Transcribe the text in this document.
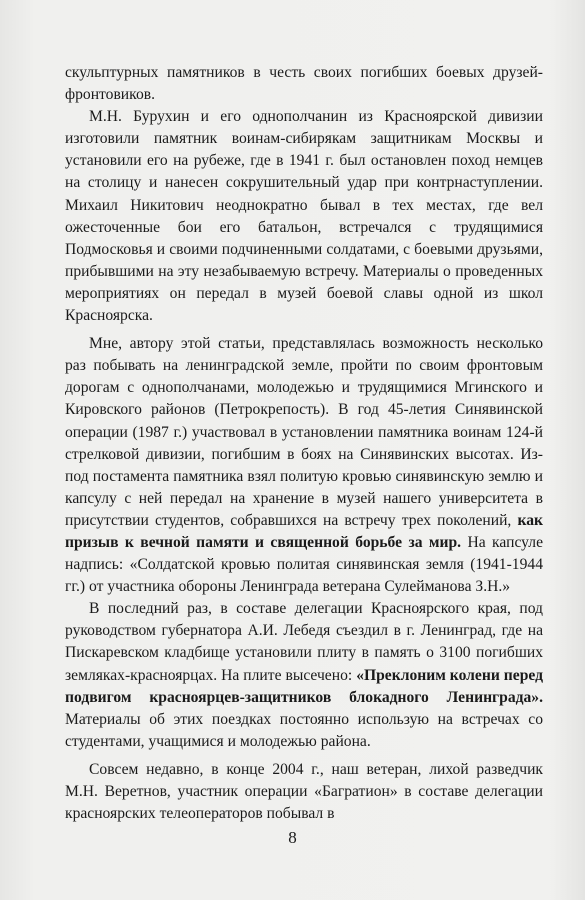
скульптурных памятников в честь своих погибших боевых друзей-фронтовиков.

М.Н. Бурухин и его однополчанин из Красноярской дивизии изготовили памятник воинам-сибирякам защитникам Москвы и установили его на рубеже, где в 1941 г. был остановлен поход немцев на столицу и нанесен сокрушительный удар при контрнаступлении. Михаил Никитович неоднократно бывал в тех местах, где вел ожесточенные бои его батальон, встречался с трудящимися Подмосковья и своими подчиненными солдатами, с боевыми друзьями, прибывшими на эту незабываемую встречу. Материалы о проведенных мероприятиях он передал в музей боевой славы одной из школ Красноярска.

Мне, автору этой статьи, представлялась возможность несколько раз побывать на ленинградской земле, пройти по своим фронтовым дорогам с однополчанами, молодежью и трудящимися Мгинского и Кировского районов (Петрокрепость). В год 45-летия Синявинской операции (1987 г.) участвовал в установлении памятника воинам 124-й стрелковой дивизии, погибшим в боях на Синявинских высотах. Из-под постамента памятника взял политую кровью синявинскую землю и капсулу с ней передал на хранение в музей нашего университета в присутствии студентов, собравшихся на встречу трех поколений, как призыв к вечной памяти и священной борьбе за мир. На капсуле надпись: «Солдатской кровью политая синявинская земля (1941-1944 гг.) от участника обороны Ленинграда ветерана Сулейманова З.Н.»

В последний раз, в составе делегации Красноярского края, под руководством губернатора А.И. Лебедя съездил в г. Ленинград, где на Пискаревском кладбище установили плиту в память о 3100 погибших земляках-красноярцах. На плите высечено: «Преклоним колени перед подвигом красноярцев-защитников блокадного Ленинграда». Материалы об этих поездках постоянно использую на встречах со студентами, учащимися и молодежью района.

Совсем недавно, в конце 2004 г., наш ветеран, лихой разведчик М.Н. Веретнов, участник операции «Багратион» в составе делегации красноярских телеоператоров побывал в

8
